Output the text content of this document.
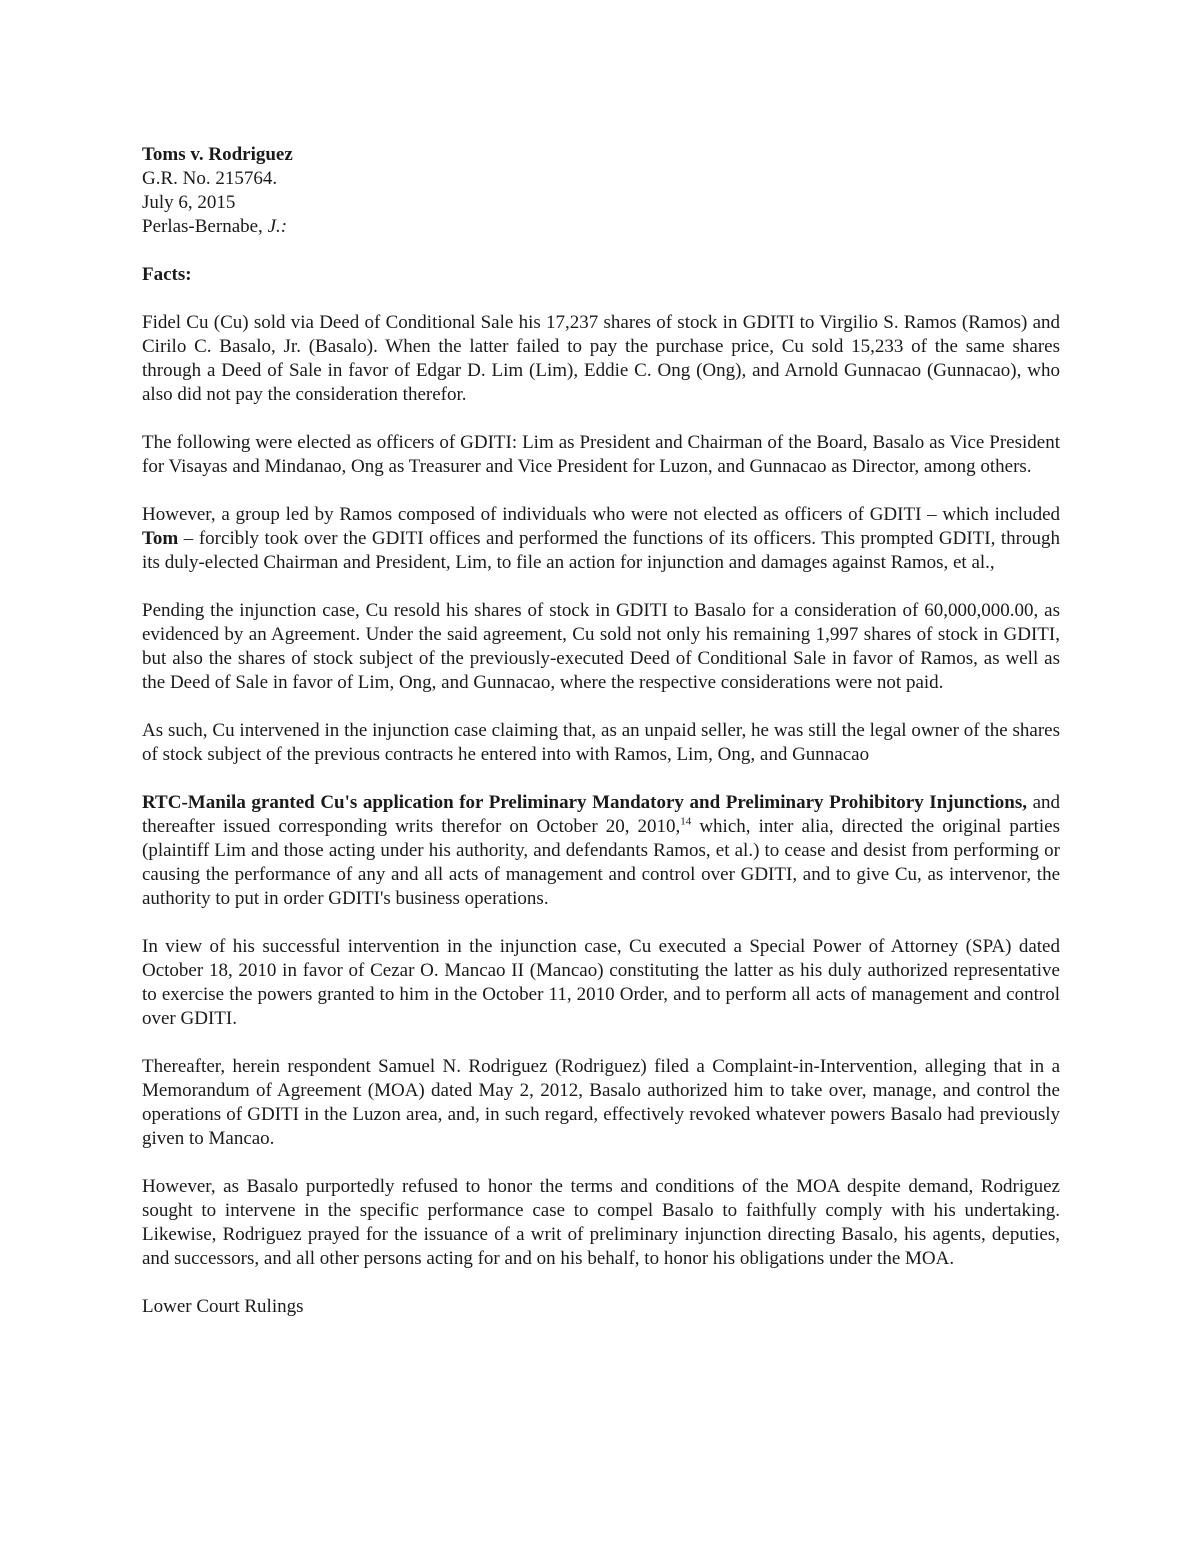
Toms v. Rodriguez
G.R. No. 215764.
July 6, 2015
Perlas-Bernabe, J.:
Facts:

Fidel Cu (Cu) sold via Deed of Conditional Sale his 17,237 shares of stock in GDITI to Virgilio S. Ramos (Ramos) and Cirilo C. Basalo, Jr. (Basalo). When the latter failed to pay the purchase price, Cu sold 15,233 of the same shares through a Deed of Sale in favor of Edgar D. Lim (Lim), Eddie C. Ong (Ong), and Arnold Gunnacao (Gunnacao), who also did not pay the consideration therefor.

The following were elected as officers of GDITI: Lim as President and Chairman of the Board, Basalo as Vice President for Visayas and Mindanao, Ong as Treasurer and Vice President for Luzon, and Gunnacao as Director, among others.

However, a group led by Ramos composed of individuals who were not elected as officers of GDITI – which included Tom – forcibly took over the GDITI offices and performed the functions of its officers. This prompted GDITI, through its duly-elected Chairman and President, Lim, to file an action for injunction and damages against Ramos, et al.,

Pending the injunction case, Cu resold his shares of stock in GDITI to Basalo for a consideration of 60,000,000.00, as evidenced by an Agreement. Under the said agreement, Cu sold not only his remaining 1,997 shares of stock in GDITI, but also the shares of stock subject of the previously-executed Deed of Conditional Sale in favor of Ramos, as well as the Deed of Sale in favor of Lim, Ong, and Gunnacao, where the respective considerations were not paid.

As such, Cu intervened in the injunction case claiming that, as an unpaid seller, he was still the legal owner of the shares of stock subject of the previous contracts he entered into with Ramos, Lim, Ong, and Gunnacao

RTC-Manila granted Cu's application for Preliminary Mandatory and Preliminary Prohibitory Injunctions, and thereafter issued corresponding writs therefor on October 20, 2010,14 which, inter alia, directed the original parties (plaintiff Lim and those acting under his authority, and defendants Ramos, et al.) to cease and desist from performing or causing the performance of any and all acts of management and control over GDITI, and to give Cu, as intervenor, the authority to put in order GDITI's business operations.

In view of his successful intervention in the injunction case, Cu executed a Special Power of Attorney (SPA) dated October 18, 2010 in favor of Cezar O. Mancao II (Mancao) constituting the latter as his duly authorized representative to exercise the powers granted to him in the October 11, 2010 Order, and to perform all acts of management and control over GDITI.

Thereafter, herein respondent Samuel N. Rodriguez (Rodriguez) filed a Complaint-in-Intervention, alleging that in a Memorandum of Agreement (MOA) dated May 2, 2012, Basalo authorized him to take over, manage, and control the operations of GDITI in the Luzon area, and, in such regard, effectively revoked whatever powers Basalo had previously given to Mancao.

However, as Basalo purportedly refused to honor the terms and conditions of the MOA despite demand, Rodriguez sought to intervene in the specific performance case to compel Basalo to faithfully comply with his undertaking. Likewise, Rodriguez prayed for the issuance of a writ of preliminary injunction directing Basalo, his agents, deputies, and successors, and all other persons acting for and on his behalf, to honor his obligations under the MOA.

Lower Court Rulings
